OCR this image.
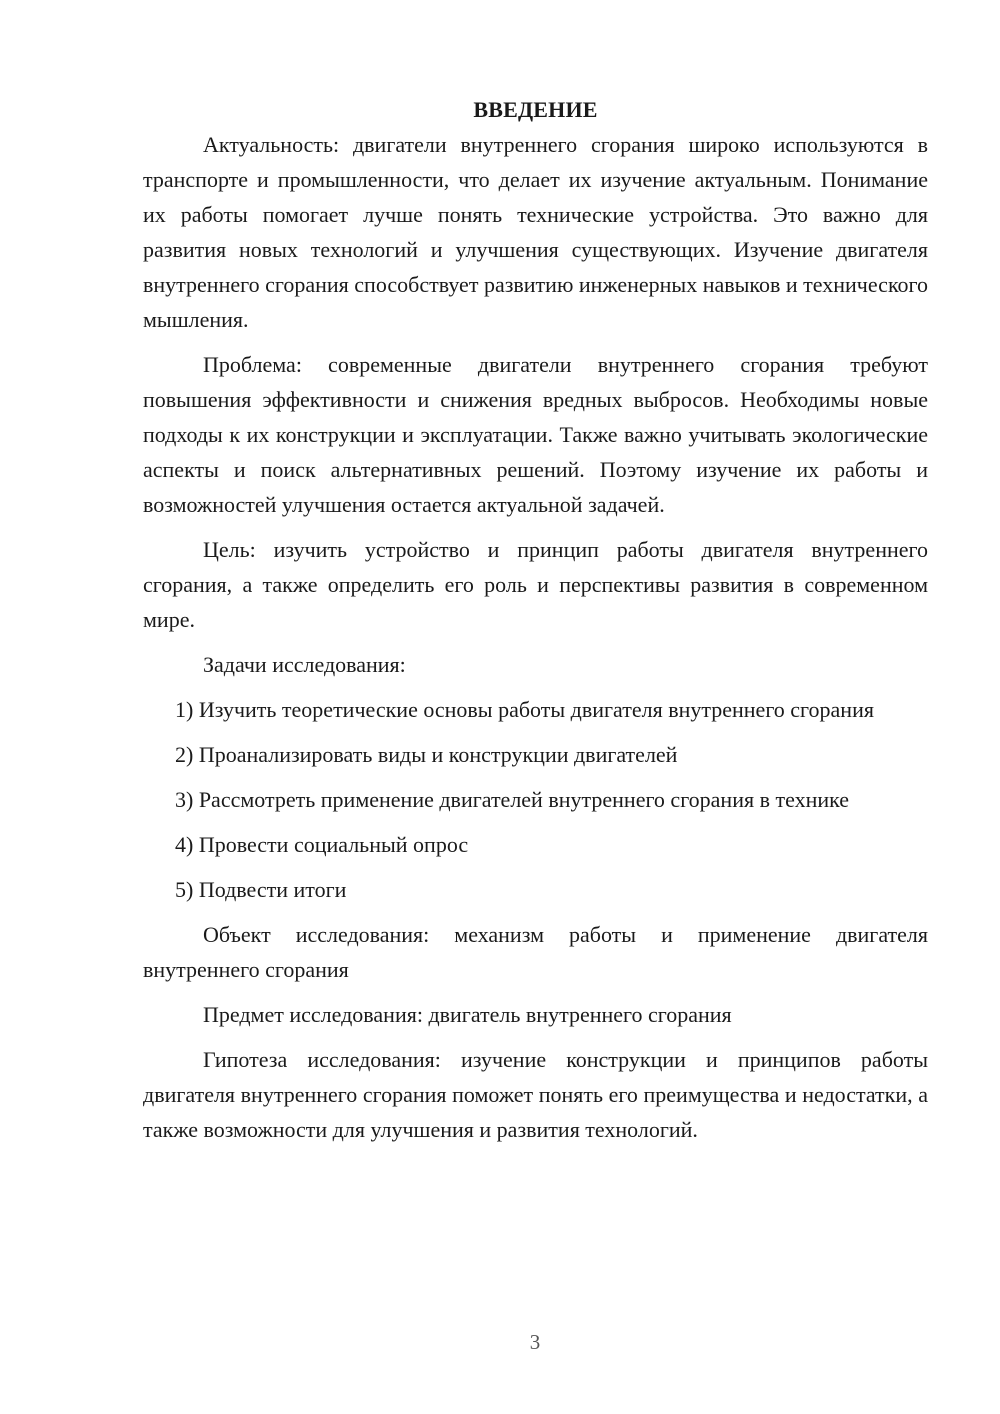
ВВЕДЕНИЕ

Актуальность: двигатели внутреннего сгорания широко используются в транспорте и промышленности, что делает их изучение актуальным. Понимание их работы помогает лучше понять технические устройства. Это важно для развития новых технологий и улучшения существующих. Изучение двигателя внутреннего сгорания способствует развитию инженерных навыков и технического мышления.

Проблема: современные двигатели внутреннего сгорания требуют повышения эффективности и снижения вредных выбросов. Необходимы новые подходы к их конструкции и эксплуатации. Также важно учитывать экологические аспекты и поиск альтернативных решений. Поэтому изучение их работы и возможностей улучшения остается актуальной задачей.

Цель: изучить устройство и принцип работы двигателя внутреннего сгорания, а также определить его роль и перспективы развития в современном мире.

Задачи исследования:

1) Изучить теоретические основы работы двигателя внутреннего сгорания

2) Проанализировать виды и конструкции двигателей

3) Рассмотреть применение двигателей внутреннего сгорания в технике

4) Провести социальный опрос

5) Подвести итоги

Объект исследования: механизм работы и применение двигателя внутреннего сгорания

Предмет исследования: двигатель внутреннего сгорания

Гипотеза исследования: изучение конструкции и принципов работы двигателя внутреннего сгорания поможет понять его преимущества и недостатки, а также возможности для улучшения и развития технологий.

3
